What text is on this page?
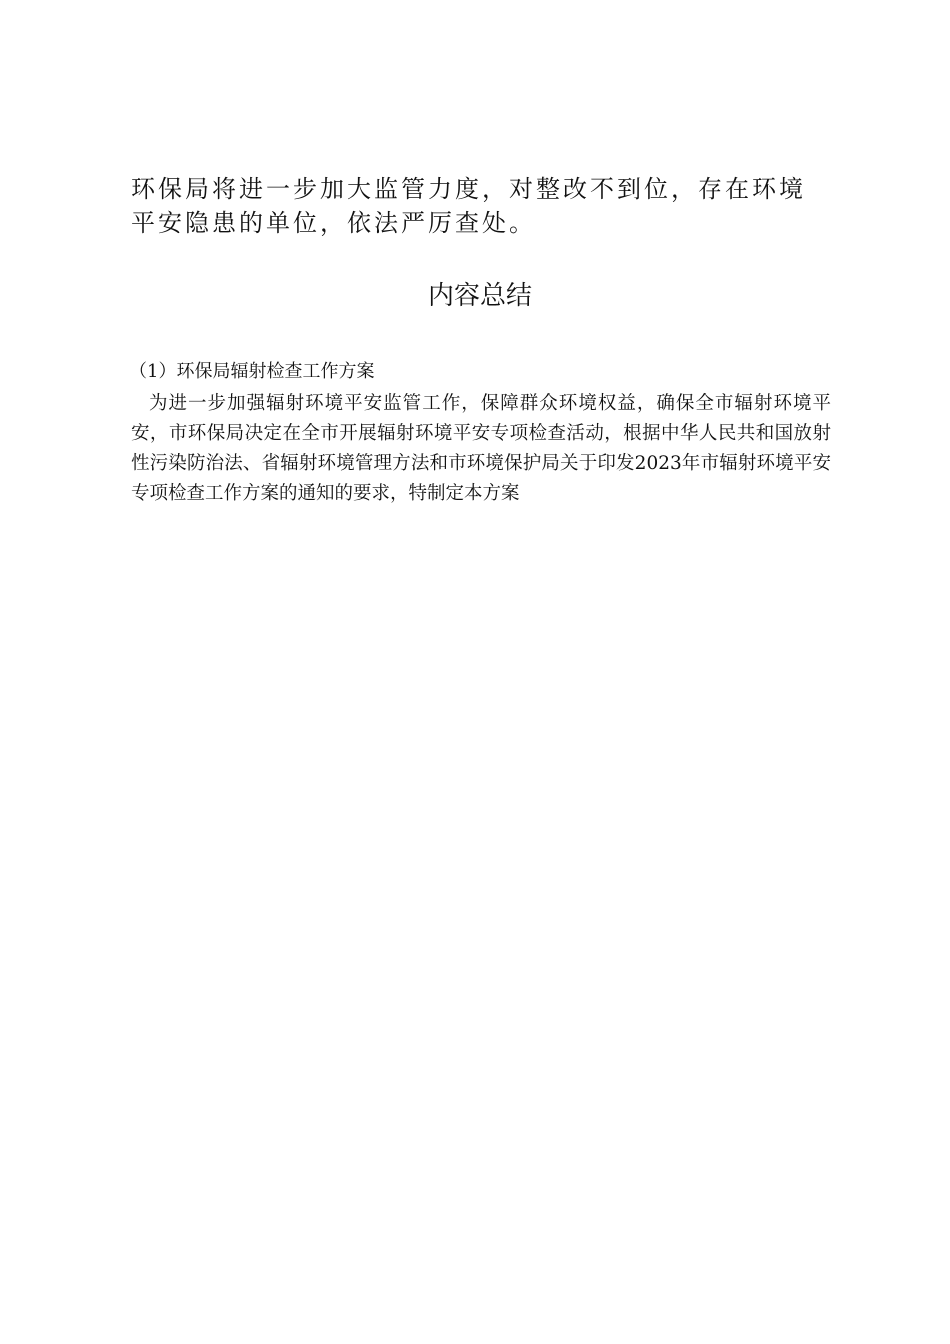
环保局将进一步加大监管力度，对整改不到位，存在环境平安隐患的单位，依法严厉查处。

内容总结

（1）环保局辐射检查工作方案

为进一步加强辐射环境平安监管工作，保障群众环境权益，确保全市辐射环境平安，市环保局决定在全市开展辐射环境平安专项检查活动，根据中华人民共和国放射性污染防治法、省辐射环境管理方法和市环境保护局关于印发2023年市辐射环境平安专项检查工作方案的通知的要求，特制定本方案
